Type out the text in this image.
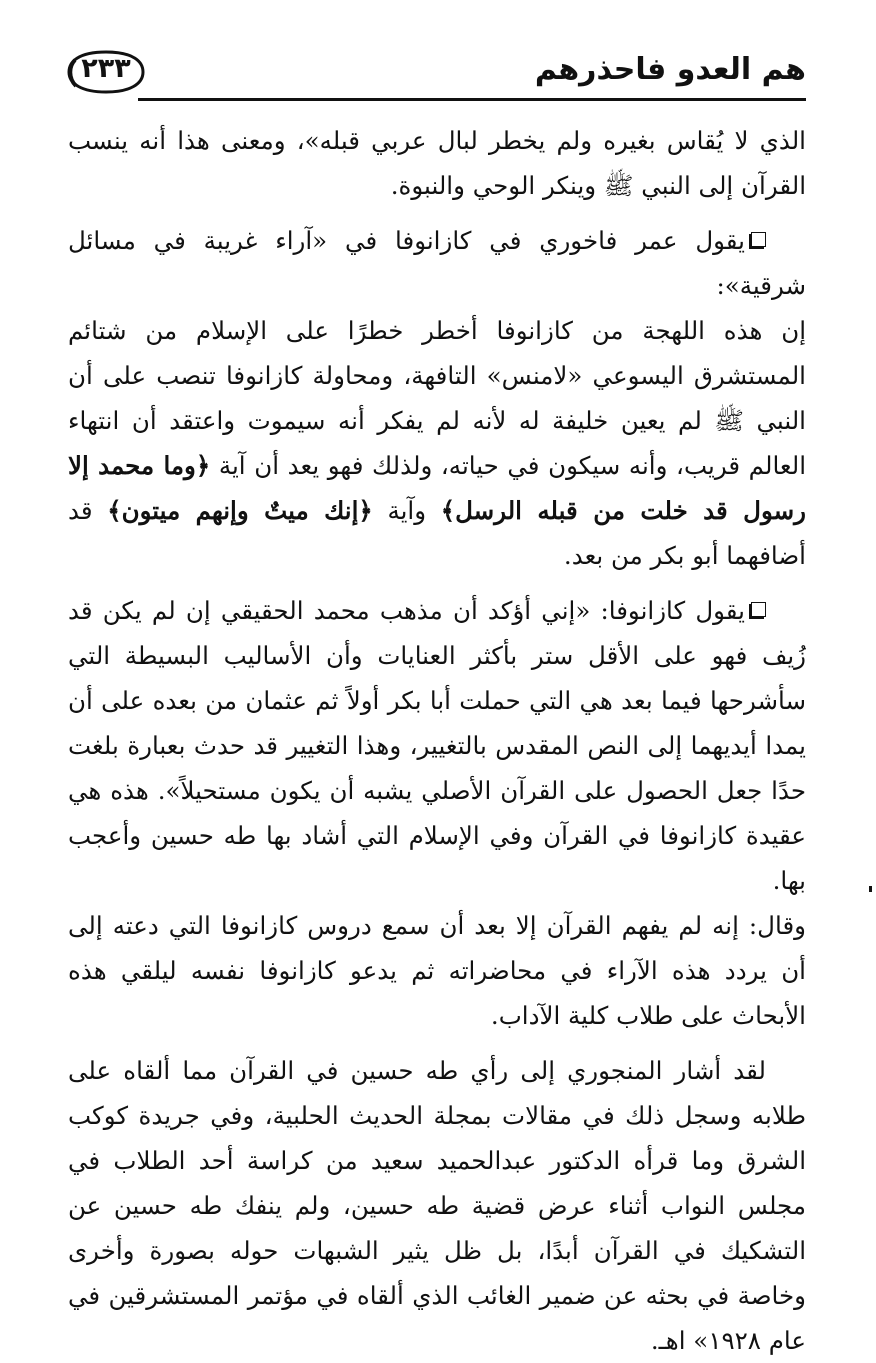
٢٣٣	هم العدو فاحذرهم

الذي لا يُقاس بغيره ولم يخطر لبال عربي قبله»، ومعنى هذا أنه ينسب القرآن إلى النبي ﷺ وينكر الوحي والنبوة.

يقول عمر فاخوري في كازانوفا في «آراء غريبة في مسائل شرقية»:

إن هذه اللهجة من كازانوفا أخطر خطرًا على الإسلام من شتائم المستشرق اليسوعي «لامنس» التافهة، ومحاولة كازانوفا تنصب على أن النبي ﷺ لم يعين خليفة له لأنه لم يفكر أنه سيموت واعتقد أن انتهاء العالم قريب، وأنه سيكون في حياته، ولذلك فهو يعد أن آية ﴿وما محمد إلا رسول قد خلت من قبله الرسل﴾ وآية ﴿إنك ميتٌ وإنهم ميتون﴾ قد أضافهما أبو بكر من بعد.

يقول كازانوفا: «إني أؤكد أن مذهب محمد الحقيقي إن لم يكن قد زُيف فهو على الأقل ستر بأكثر العنايات وأن الأساليب البسيطة التي سأشرحها فيما بعد هي التي حملت أبا بكر أولاً ثم عثمان من بعده على أن يمدا أيديهما إلى النص المقدس بالتغيير، وهذا التغيير قد حدث بعبارة بلغت حدًا جعل الحصول على القرآن الأصلي يشبه أن يكون مستحيلاً». هذه هي عقيدة كازانوفا في القرآن وفي الإسلام التي أشاد بها طه حسين وأعجب بها.

وقال: إنه لم يفهم القرآن إلا بعد أن سمع دروس كازانوفا التي دعته إلى أن يردد هذه الآراء في محاضراته ثم يدعو كازانوفا نفسه ليلقي هذه الأبحاث على طلاب كلية الآداب.

لقد أشار المنجوري إلى رأي طه حسين في القرآن مما ألقاه على طلابه وسجل ذلك في مقالات بمجلة الحديث الحلبية، وفي جريدة كوكب الشرق وما قرأه الدكتور عبدالحميد سعيد من كراسة أحد الطلاب في مجلس النواب أثناء عرض قضية طه حسين، ولم ينفك طه حسين عن التشكيك في القرآن أبدًا، بل ظل يثير الشبهات حوله بصورة وأخرى وخاصة في بحثه عن ضمير الغائب الذي ألقاه في مؤتمر المستشرقين في عام ١٩٢٨» اهـ.
